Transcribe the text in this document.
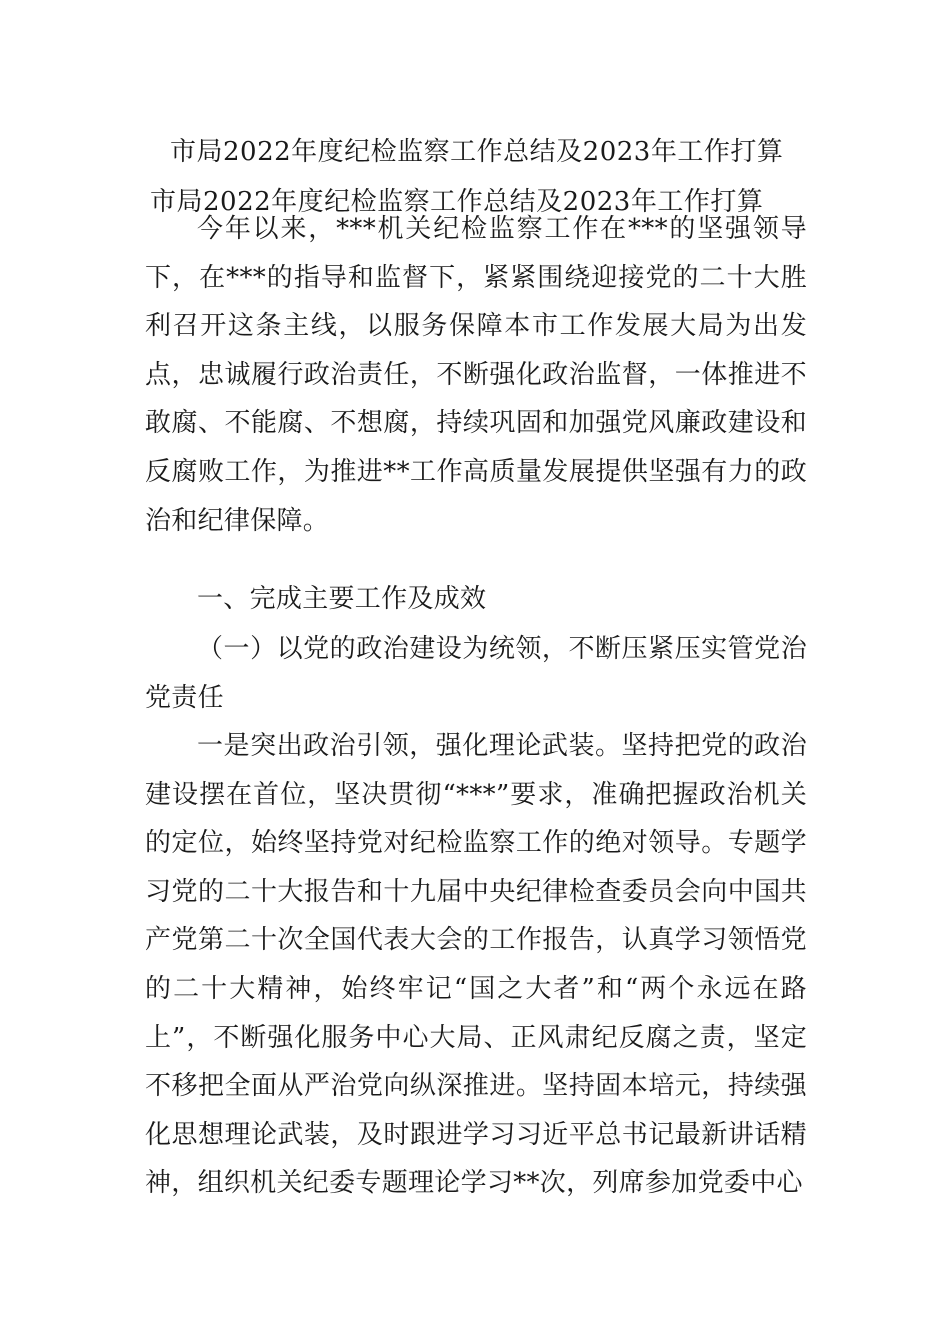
市局2022年度纪检监察工作总结及2023年工作打算
市局2022年度纪检监察工作总结及2023年工作打算

今年以来，***机关纪检监察工作在***的坚强领导下，在***的指导和监督下，紧紧围绕迎接党的二十大胜利召开这条主线，以服务保障本市工作发展大局为出发点，忠诚履行政治责任，不断强化政治监督，一体推进不敢腐、不能腐、不想腐，持续巩固和加强党风廉政建设和反腐败工作，为推进**工作高质量发展提供坚强有力的政治和纪律保障。

一、完成主要工作及成效

（一）以党的政治建设为统领，不断压紧压实管党治党责任

一是突出政治引领，强化理论武装。坚持把党的政治建设摆在首位，坚决贯彻“***”要求，准确把握政治机关的定位，始终坚持党对纪检监察工作的绝对领导。专题学习党的二十大报告和十九届中央纪律检查委员会向中国共产党第二十次全国代表大会的工作报告，认真学习领悟党的二十大精神，始终牢记“国之大者”和“两个永远在路上”，不断强化服务中心大局、正风肃纪反腐之责，坚定不移把全面从严治党向纵深推进。坚持固本培元，持续强化思想理论武装，及时跟进学习习近平总书记最新讲话精神，组织机关纪委专题理论学习**次，列席参加党委中心
